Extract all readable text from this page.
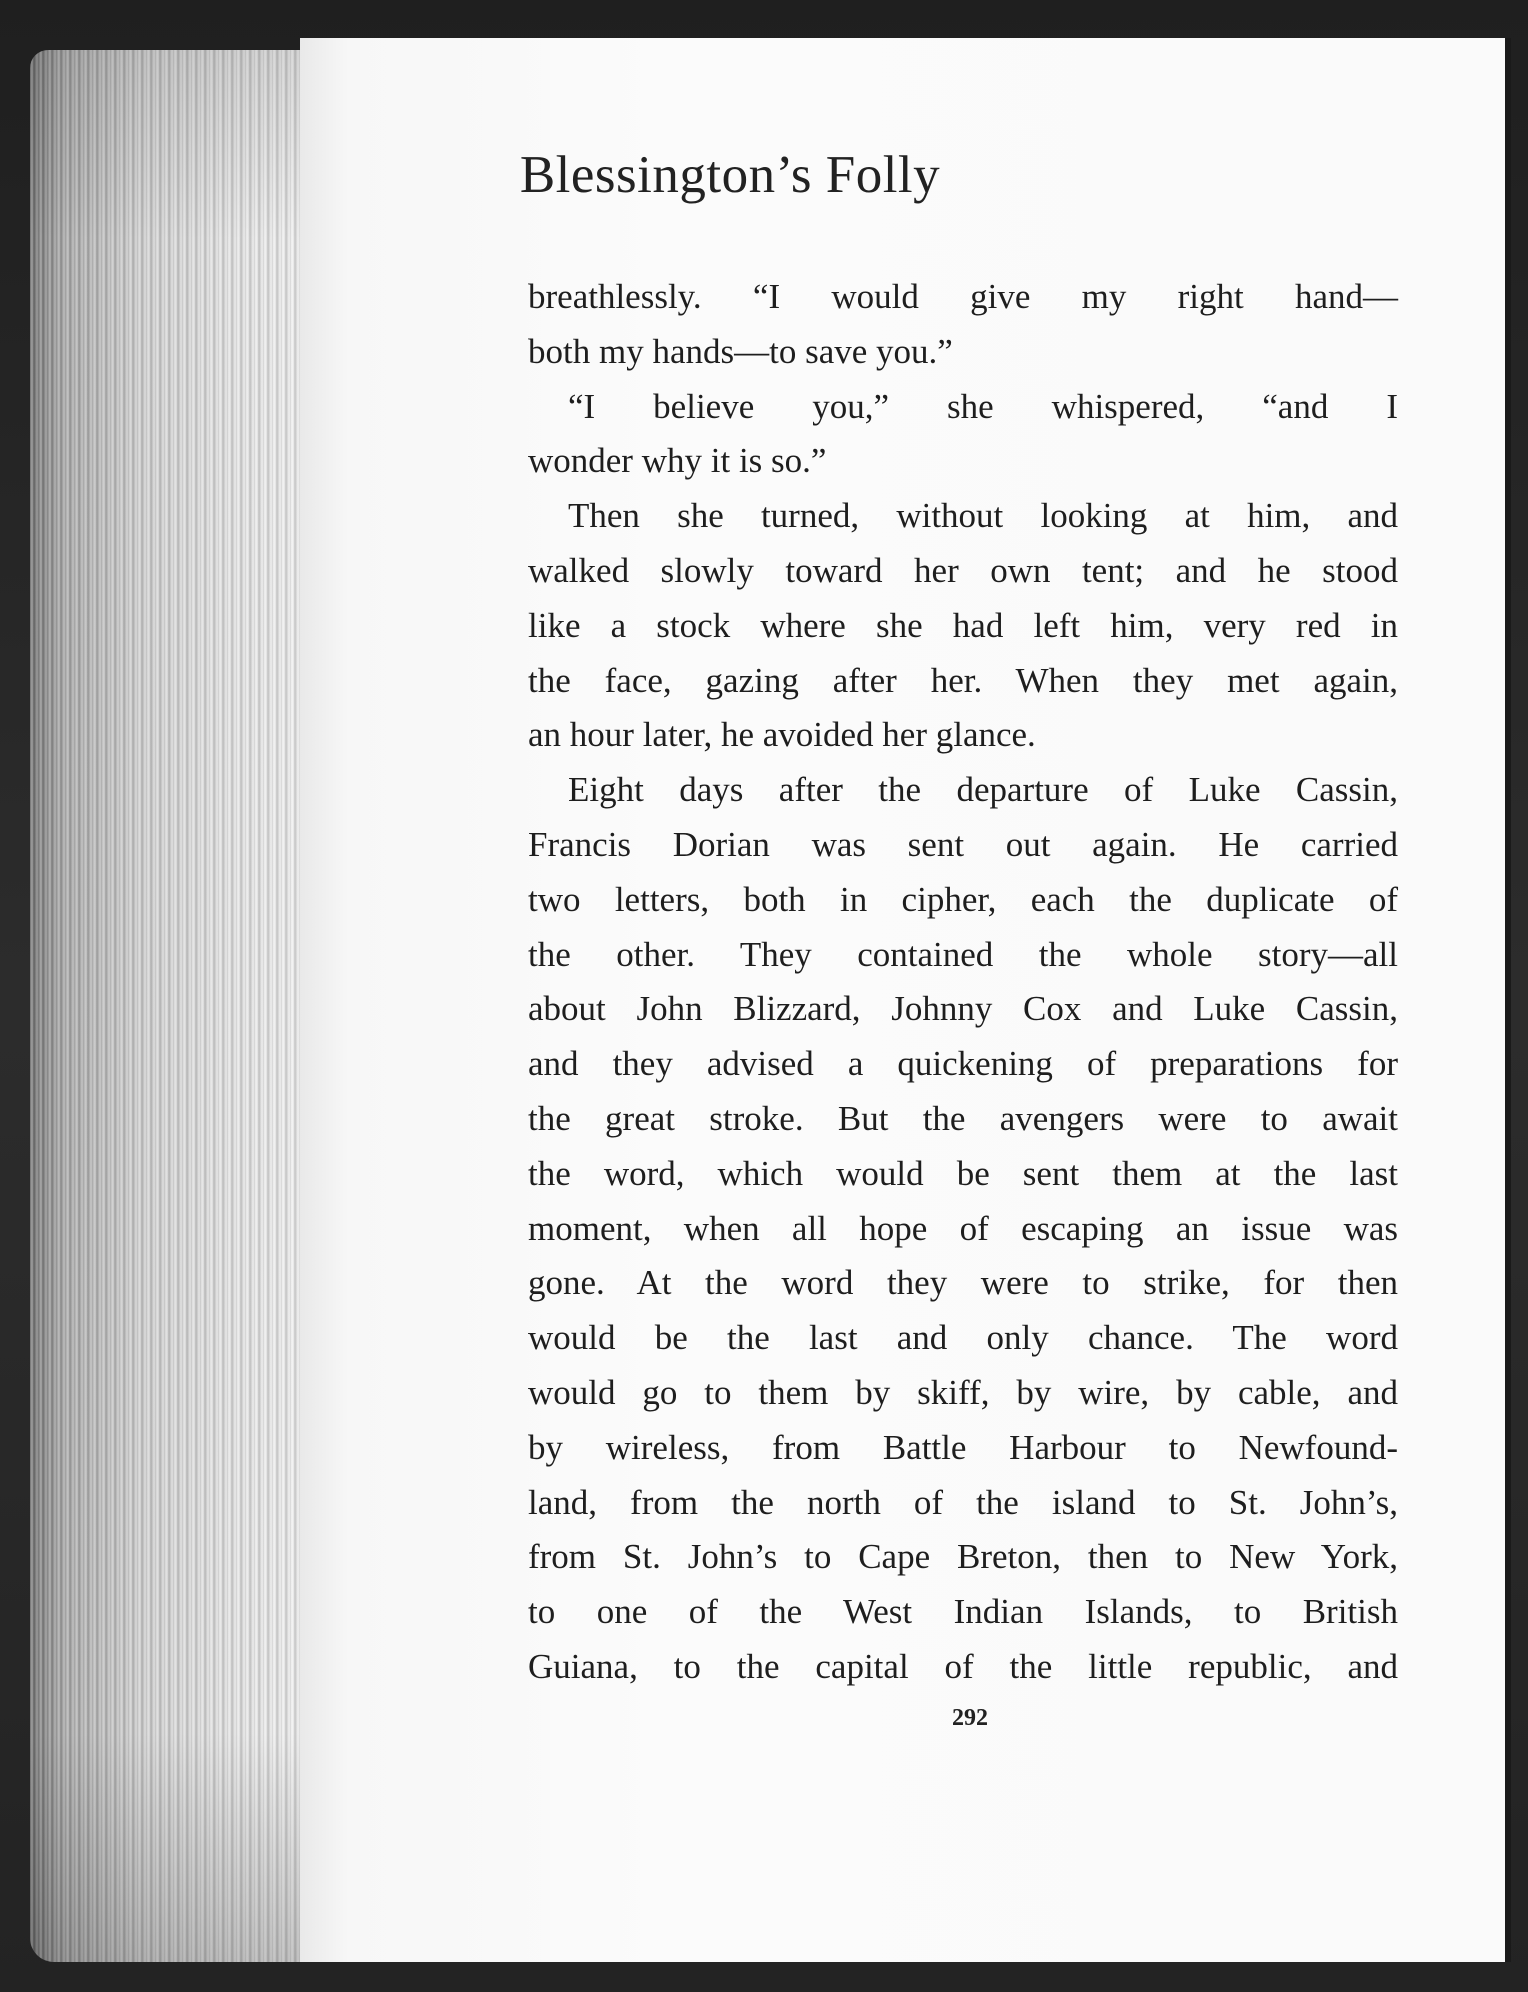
Blessington’s Folly
breathlessly. “I would give my right hand—
both my hands—to save you.”
“I believe you,” she whispered, “and I
wonder why it is so.”
Then she turned, without looking at him, and
walked slowly toward her own tent; and he stood
like a stock where she had left him, very red in
the face, gazing after her. When they met again,
an hour later, he avoided her glance.
Eight days after the departure of Luke Cassin,
Francis Dorian was sent out again. He carried
two letters, both in cipher, each the duplicate of
the other. They contained the whole story—all
about John Blizzard, Johnny Cox and Luke Cassin,
and they advised a quickening of preparations for
the great stroke. But the avengers were to await
the word, which would be sent them at the last
moment, when all hope of escaping an issue was
gone. At the word they were to strike, for then
would be the last and only chance. The word
would go to them by skiff, by wire, by cable, and
by wireless, from Battle Harbour to Newfound-
land, from the north of the island to St. John’s,
from St. John’s to Cape Breton, then to New York,
to one of the West Indian Islands, to British
Guiana, to the capital of the little republic, and
292
